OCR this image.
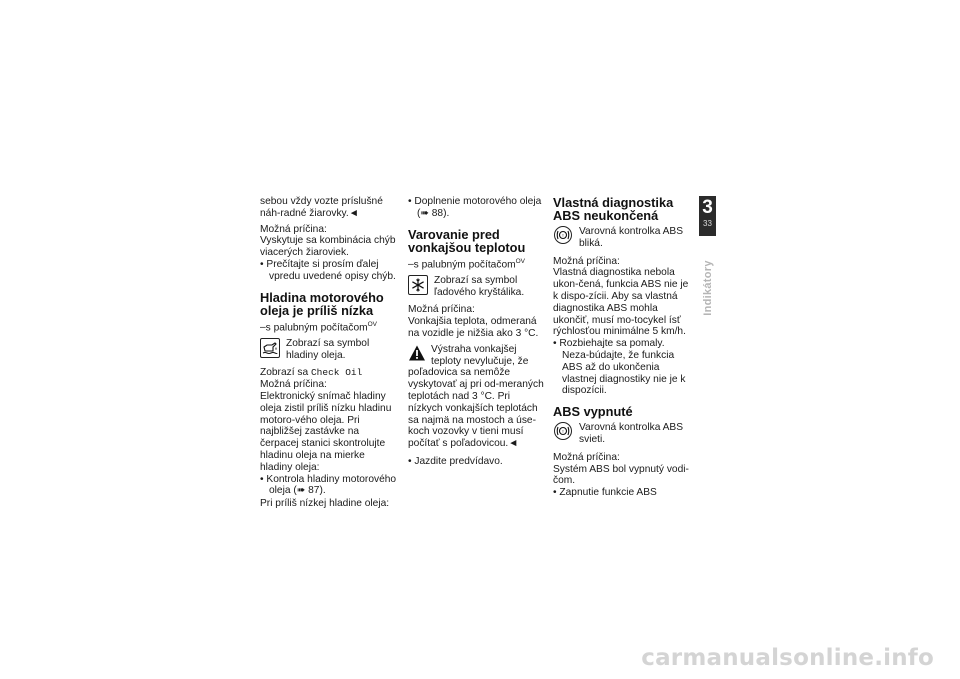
sebou vždy vozte príslušné náh-radné žiarovky.◄

Možná príčina:

Vyskytuje sa kombinácia chýb viacerých žiaroviek.

• Prečítajte si prosím ďalej vpredu uvedené opisy chýb.

Hladina motorového oleja je príliš nízka

– s palubným počítačom$^{OV}$

Zobrazí sa symbol hladiny oleja.

Zobrazí sa Check Oil

Možná príčina:

Elektronický snímač hladiny oleja zistil príliš nízku hladinu motoro-vého oleja. Pri najbližšej zastávke na čerpacej stanici skontrolujte hladinu oleja na mierke hladiny oleja:

• Kontrola hladiny motorového oleja (➠ 87).

Pri príliš nízkej hladine oleja:

• Doplnenie motorového oleja (➠ 88).

Varovanie pred vonkajšou teplotou

– s palubným počítačom$^{OV}$

Zobrazí sa symbol ľadového kryštálika.

Možná príčina:

Vonkajšia teplota, odmeraná na vozidle je nižšia ako 3 °C.

Výstraha vonkajšej teploty nevylučuje, že poľadovica sa nemôže vyskytovať aj pri od-meraných teplotách nad 3 °C. Pri nízkych vonkajších teplotách sa najmä na mostoch a úse-koch vozovky v tieni musí počítať s poľadovicou.◄

• Jazdite predvídavo.

Vlastná diagnostika ABS neukončená
! Varovná kontrolka ABS bliká.

Možná príčina:

Vlastná diagnostika nebola ukon-čená, funkcia ABS nie je k dispo-zícii. Aby sa vlastná diagnostika ABS mohla ukončiť, musí mo-tocykel ísť rýchlosťou minimálne 5 km/h.

• Rozbiehajte sa pomaly. Neza-búdajte, že funkcia ABS až do ukončenia vlastnej diagnostiky nie je k dispozícii.

ABS vypnuté
! Varovná kontrolka ABS svieti.

Možná príčina:

Systém ABS bol vypnutý vodi-čom.

• Zapnutie funkcie ABS

3
33
Indikátory
carmanualsonline.info
